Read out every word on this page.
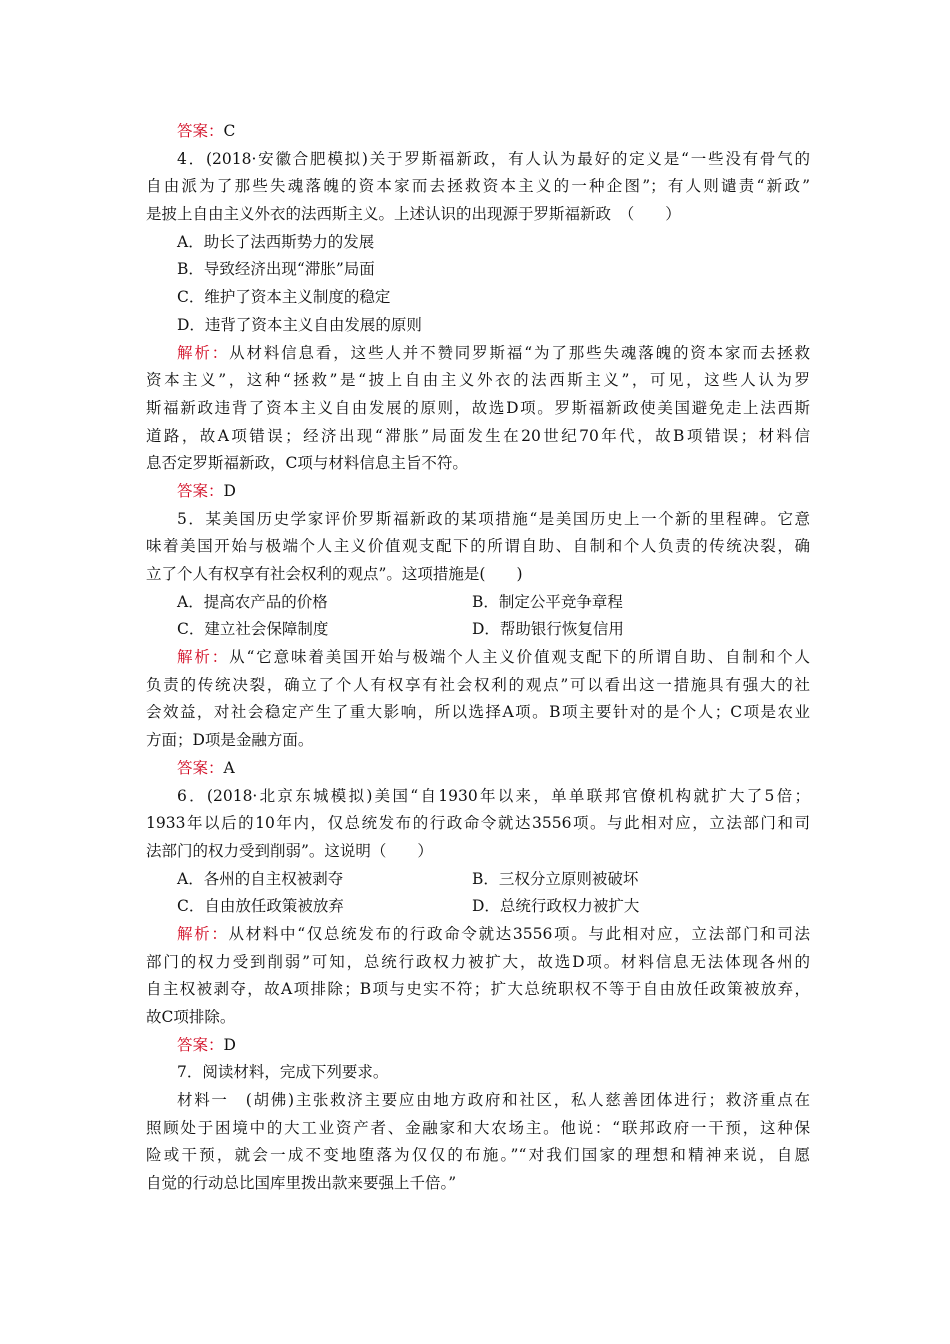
答案：C
4．(2018·安徽合肥模拟)关于罗斯福新政，有人认为最好的定义是“一些没有骨气的
自由派为了那些失魂落魄的资本家而去拯救资本主义的一种企图”；有人则谴责“新政”
是披上自由主义外衣的法西斯主义。上述认识的出现源于罗斯福新政　（　　）
A．助长了法西斯势力的发展
B．导致经济出现“滞胀”局面
C．维护了资本主义制度的稳定
D．违背了资本主义自由发展的原则
解析：从材料信息看，这些人并不赞同罗斯福“为了那些失魂落魄的资本家而去拯救
资本主义”，这种“拯救”是“披上自由主义外衣的法西斯主义”，可见，这些人认为罗
斯福新政违背了资本主义自由发展的原则，故选D项。罗斯福新政使美国避免走上法西斯
道路，故A项错误；经济出现“滞胀”局面发生在20世纪70年代，故B项错误；材料信
息否定罗斯福新政，C项与材料信息主旨不符。
答案：D
5．某美国历史学家评价罗斯福新政的某项措施“是美国历史上一个新的里程碑。它意
味着美国开始与极端个人主义价值观支配下的所谓自助、自制和个人负责的传统决裂，确
立了个人有权享有社会权利的观点”。这项措施是(　　)
A．提高农产品的价格	B．制定公平竞争章程
C．建立社会保障制度	D．帮助银行恢复信用
解析：从“它意味着美国开始与极端个人主义价值观支配下的所谓自助、自制和个人
负责的传统决裂，确立了个人有权享有社会权利的观点”可以看出这一措施具有强大的社
会效益，对社会稳定产生了重大影响，所以选择A项。B项主要针对的是个人；C项是农业
方面；D项是金融方面。
答案：A
6．(2018·北京东城模拟)美国“自1930年以来，单单联邦官僚机构就扩大了5倍；
1933年以后的10年内，仅总统发布的行政命令就达3556项。与此相对应，立法部门和司
法部门的权力受到削弱”。这说明（　　）
A．各州的自主权被剥夺	B．三权分立原则被破坏
C．自由放任政策被放弃	D．总统行政权力被扩大
解析：从材料中“仅总统发布的行政命令就达3556项。与此相对应，立法部门和司法
部门的权力受到削弱”可知，总统行政权力被扩大，故选D项。材料信息无法体现各州的
自主权被剥夺，故A项排除；B项与史实不符；扩大总统职权不等于自由放任政策被放弃，
故C项排除。
答案：D
7．阅读材料，完成下列要求。
材料一　(胡佛)主张救济主要应由地方政府和社区，私人慈善团体进行；救济重点在
照顾处于困境中的大工业资产者、金融家和大农场主。他说：“联邦政府一干预，这种保
险或干预，就会一成不变地堕落为仅仅的布施。”“对我们国家的理想和精神来说，自愿
自觉的行动总比国库里拨出款来要强上千倍。”
